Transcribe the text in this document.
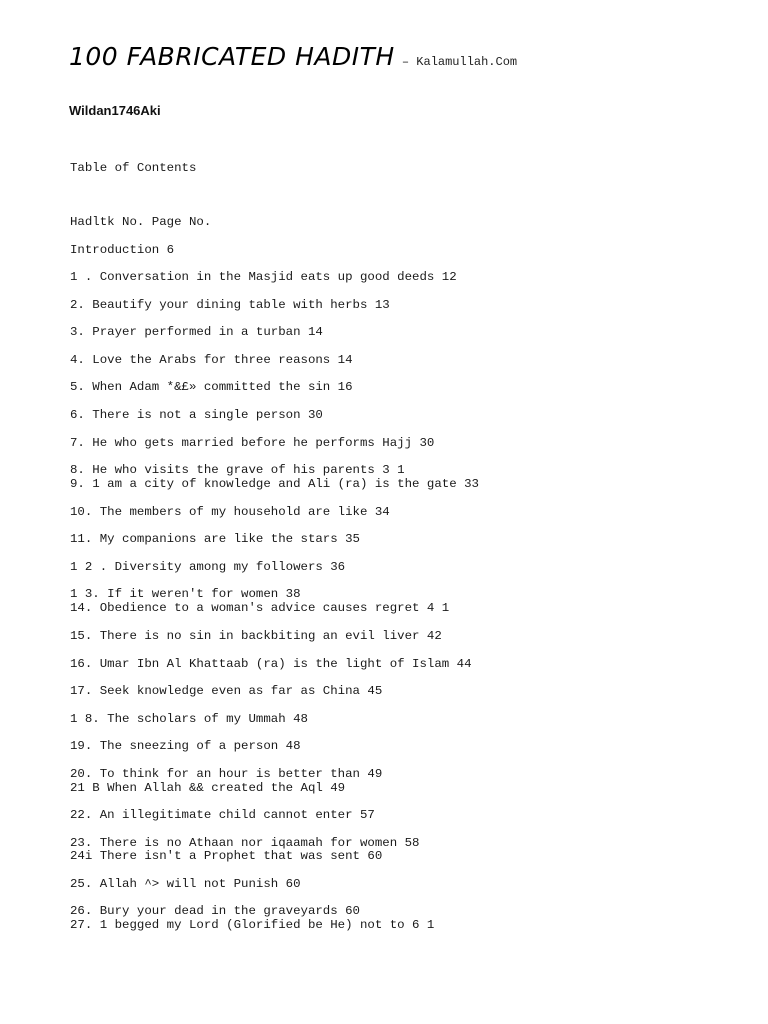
100 FABRICATED HADITH – Kalamullah.Com
Wildan1746Aki
Table of Contents
Hadltk No. Page No.
Introduction 6
1 . Conversation in the Masjid eats up good deeds 12
2. Beautify your dining table with herbs 13
3. Prayer performed in a turban 14
4. Love the Arabs for three reasons 14
5. When Adam *&£» committed the sin 16
6. There is not a single person 30
7. He who gets married before he performs Hajj 30
8. He who visits the grave of his parents 3 1
9. 1 am a city of knowledge and Ali (ra) is the gate 33
10. The members of my household are like 34
11. My companions are like the stars 35
1 2 . Diversity among my followers 36
1 3. If it weren't for women 38
14. Obedience to a woman's advice causes regret 4 1
15. There is no sin in backbiting an evil liver 42
16. Umar Ibn Al Khattaab (ra) is the light of Islam 44
17. Seek knowledge even as far as China 45
1 8. The scholars of my Ummah 48
19. The sneezing of a person 48
20. To think for an hour is better than 49
21 B When Allah && created the Aql 49
22. An illegitimate child cannot enter 57
23. There is no Athaan nor iqaamah for women 58
24i There isn't a Prophet that was sent 60
25. Allah ^> will not Punish 60
26. Bury your dead in the graveyards 60
27. 1 begged my Lord (Glorified be He) not to 6 1
